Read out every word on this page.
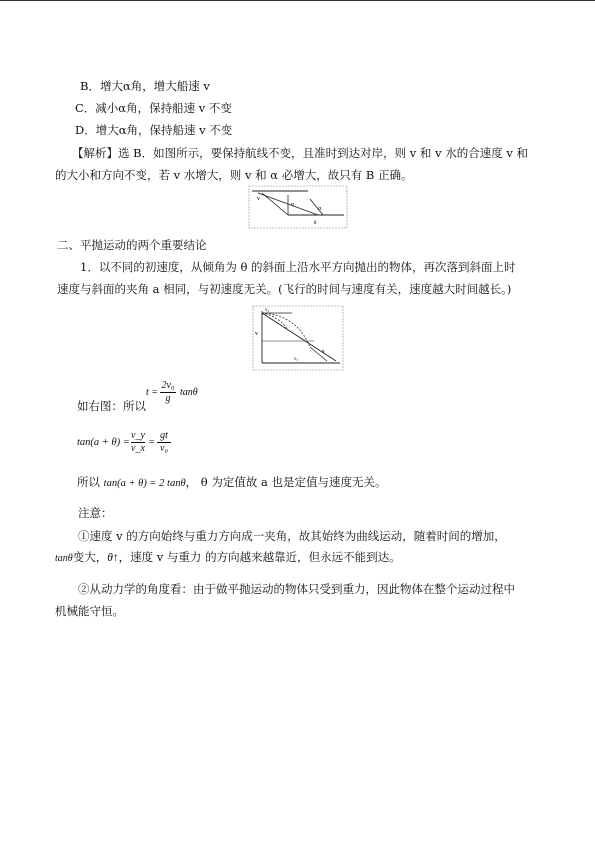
B．增大α角，增大船速 v
C．减小α角，保持船速 v 不变
D．增大α角，保持船速 v 不变
【解析】选 B．如图所示，要保持航线不变，且准时到达对岸，则 v 和 v 水的合速度 v 和
的大小和方向不变，若 v 水增大，则 v 和 α 必增大，故只有 B 正确。
v
α
α
θ
二、平抛运动的两个重要结论
1．以不同的初速度，从倾角为 θ 的斜面上沿水平方向抛出的物体，再次落到斜面上时
速度与斜面的夹角 a 相同，与初速度无关。(飞行的时间与速度有关，速度越大时间越长。)
v
v₀
vₓ
θ
如右图：所以
$t = \frac{\text{2v₀}}{g}$ tanθ
$\tan(a + \theta) = \frac{v\_y}{v\_x} = \frac{gt}{\text{v₀}}$
所以 tan(a + θ) = 2 tanθ， θ 为定值故 a 也是定值与速度无关。
注意：
①速度 v 的方向始终与重力方向成一夹角，故其始终为曲线运动，随着时间的增加，
tanθ变大，θ↑，速度 v 与重力 的方向越来越靠近，但永远不能到达。
②从动力学的角度看：由于做平抛运动的物体只受到重力，因此物体在整个运动过程中
机械能守恒。
